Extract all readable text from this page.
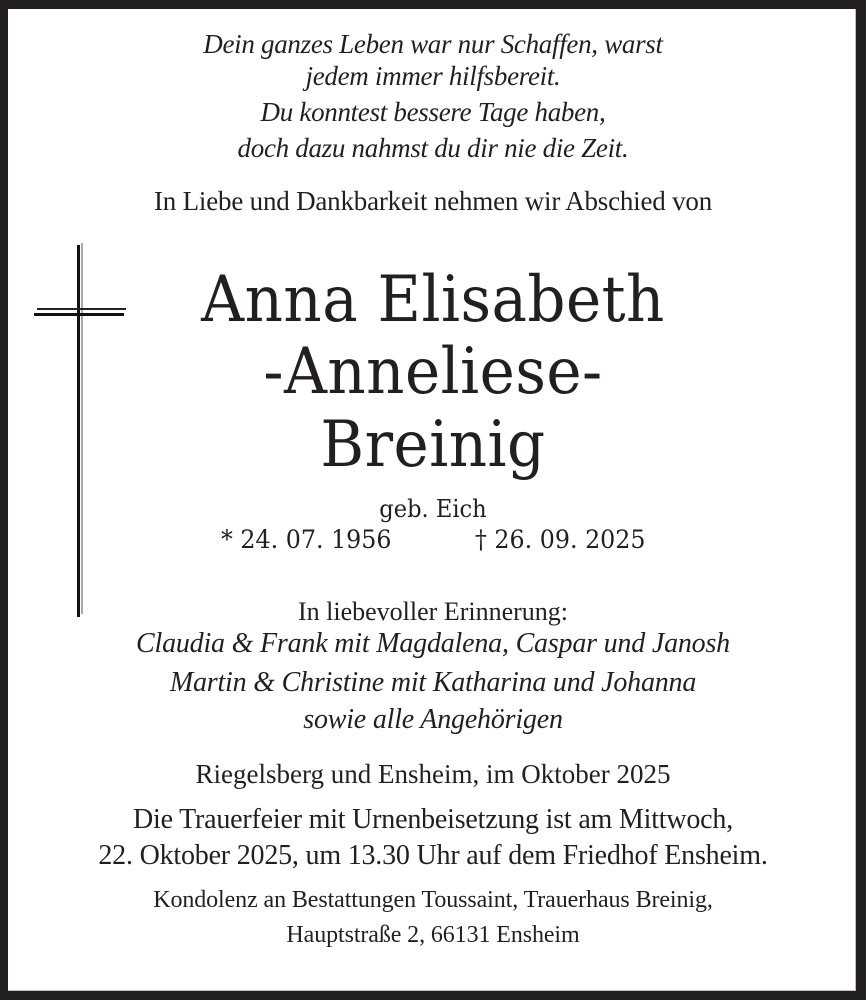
Dein ganzes Leben war nur Schaffen, warst
jedem immer hilfsbereit.
Du konntest bessere Tage haben,
doch dazu nahmst du dir nie die Zeit.
In Liebe und Dankbarkeit nehmen wir Abschied von
Anna Elisabeth
-Anneliese-
Breinig
geb. Eich
* 24. 07. 1956	† 26. 09. 2025
In liebevoller Erinnerung:
Claudia & Frank mit Magdalena, Caspar und Janosh
Martin & Christine mit Katharina und Johanna
sowie alle Angehörigen
Riegelsberg und Ensheim, im Oktober 2025
Die Trauerfeier mit Urnenbeisetzung ist am Mittwoch,
22. Oktober 2025, um 13.30 Uhr auf dem Friedhof Ensheim.
Kondolenz an Bestattungen Toussaint, Trauerhaus Breinig,
Hauptstraße 2, 66131 Ensheim
